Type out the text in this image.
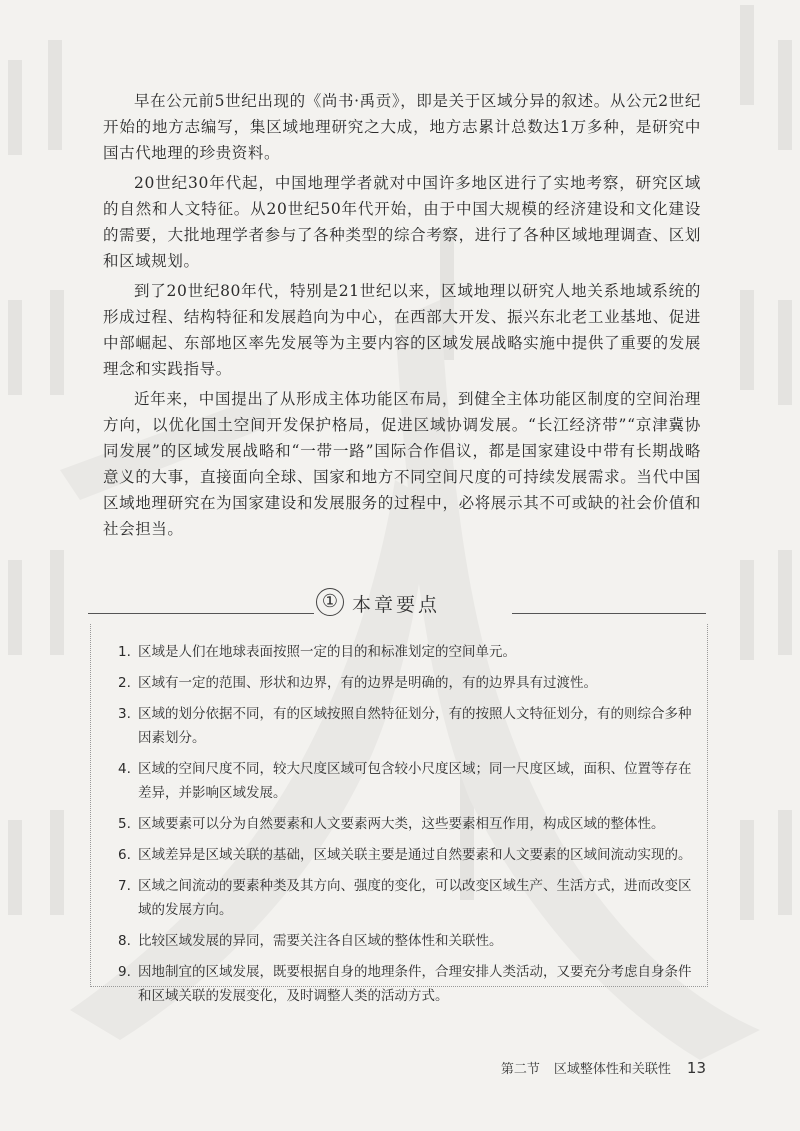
早在公元前5世纪出现的《尚书·禹贡》，即是关于区域分异的叙述。从公元2世纪开始的地方志编写，集区域地理研究之大成，地方志累计总数达1万多种，是研究中国古代地理的珍贵资料。

20世纪30年代起，中国地理学者就对中国许多地区进行了实地考察，研究区域的自然和人文特征。从20世纪50年代开始，由于中国大规模的经济建设和文化建设的需要，大批地理学者参与了各种类型的综合考察，进行了各种区域地理调查、区划和区域规划。

到了20世纪80年代，特别是21世纪以来，区域地理以研究人地关系地域系统的形成过程、结构特征和发展趋向为中心，在西部大开发、振兴东北老工业基地、促进中部崛起、东部地区率先发展等为主要内容的区域发展战略实施中提供了重要的发展理念和实践指导。

近年来，中国提出了从形成主体功能区布局，到健全主体功能区制度的空间治理方向，以优化国土空间开发保护格局，促进区域协调发展。“长江经济带”“京津冀协同发展”的区域发展战略和“一带一路”国际合作倡议，都是国家建设中带有长期战略意义的大事，直接面向全球、国家和地方不同空间尺度的可持续发展需求。当代中国区域地理研究在为国家建设和发展服务的过程中，必将展示其不可或缺的社会价值和社会担当。

① 本章要点
1. 区域是人们在地球表面按照一定的目的和标准划定的空间单元。
2. 区域有一定的范围、形状和边界，有的边界是明确的，有的边界具有过渡性。
3. 区域的划分依据不同，有的区域按照自然特征划分，有的按照人文特征划分，有的则综合多种因素划分。
4. 区域的空间尺度不同，较大尺度区域可包含较小尺度区域；同一尺度区域，面积、位置等存在差异，并影响区域发展。
5. 区域要素可以分为自然要素和人文要素两大类，这些要素相互作用，构成区域的整体性。
6. 区域差异是区域关联的基础，区域关联主要是通过自然要素和人文要素的区域间流动实现的。
7. 区域之间流动的要素种类及其方向、强度的变化，可以改变区域生产、生活方式，进而改变区域的发展方向。
8. 比较区域发展的异同，需要关注各自区域的整体性和关联性。
9. 因地制宜的区域发展，既要根据自身的地理条件，合理安排人类活动，又要充分考虑自身条件和区域关联的发展变化，及时调整人类的活动方式。
第二节 区域整体性和关联性 13
